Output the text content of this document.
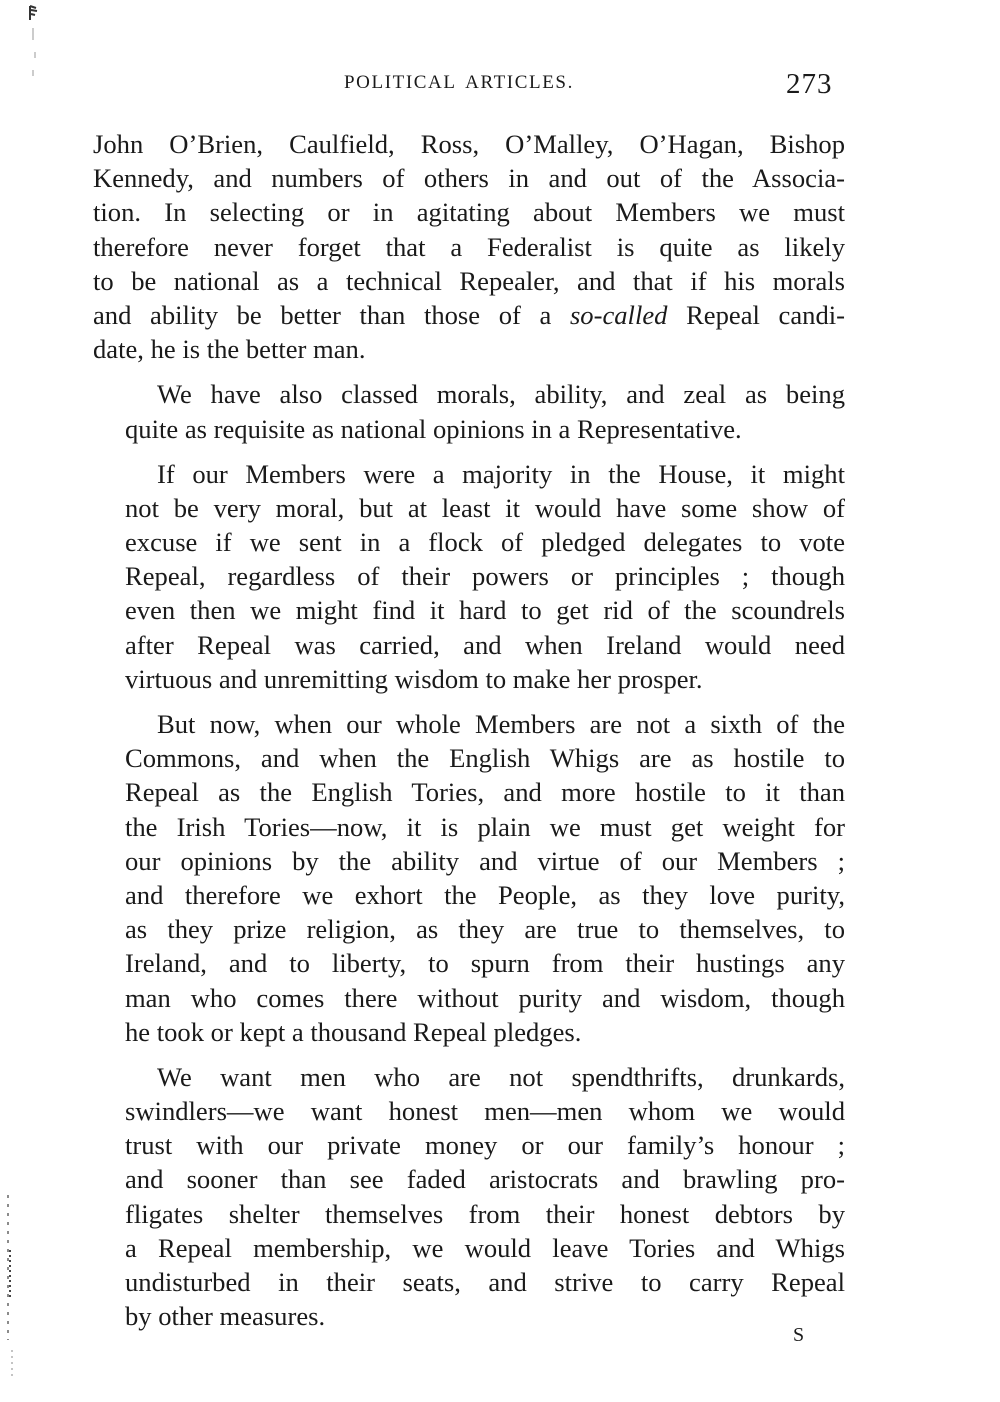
POLITICAL ARTICLES.	273
John O’Brien, Caulfield, Ross, O’Malley, O’Hagan, Bishop
Kennedy, and numbers of others in and out of the Associa-
tion. In selecting or in agitating about Members we must
therefore never forget that a Federalist is quite as likely
to be national as a technical Repealer, and that if his morals
and ability be better than those of a so-called Repeal candi-
date, he is the better man.
We have also classed morals, ability, and zeal as being
quite as requisite as national opinions in a Representative.
If our Members were a majority in the House, it might
not be very moral, but at least it would have some show of
excuse if we sent in a flock of pledged delegates to vote
Repeal, regardless of their powers or principles ; though
even then we might find it hard to get rid of the scoundrels
after Repeal was carried, and when Ireland would need
virtuous and unremitting wisdom to make her prosper.
But now, when our whole Members are not a sixth of the
Commons, and when the English Whigs are as hostile to
Repeal as the English Tories, and more hostile to it than
the Irish Tories—now, it is plain we must get weight for
our opinions by the ability and virtue of our Members ;
and therefore we exhort the People, as they love purity,
as they prize religion, as they are true to themselves, to
Ireland, and to liberty, to spurn from their hustings any
man who comes there without purity and wisdom, though
he took or kept a thousand Repeal pledges.
We want men who are not spendthrifts, drunkards,
swindlers—we want honest men—men whom we would
trust with our private money or our family’s honour ;
and sooner than see faded aristocrats and brawling pro-
fligates shelter themselves from their honest debtors by
a Repeal membership, we would leave Tories and Whigs
undisturbed in their seats, and strive to carry Repeal
by other measures.
S
